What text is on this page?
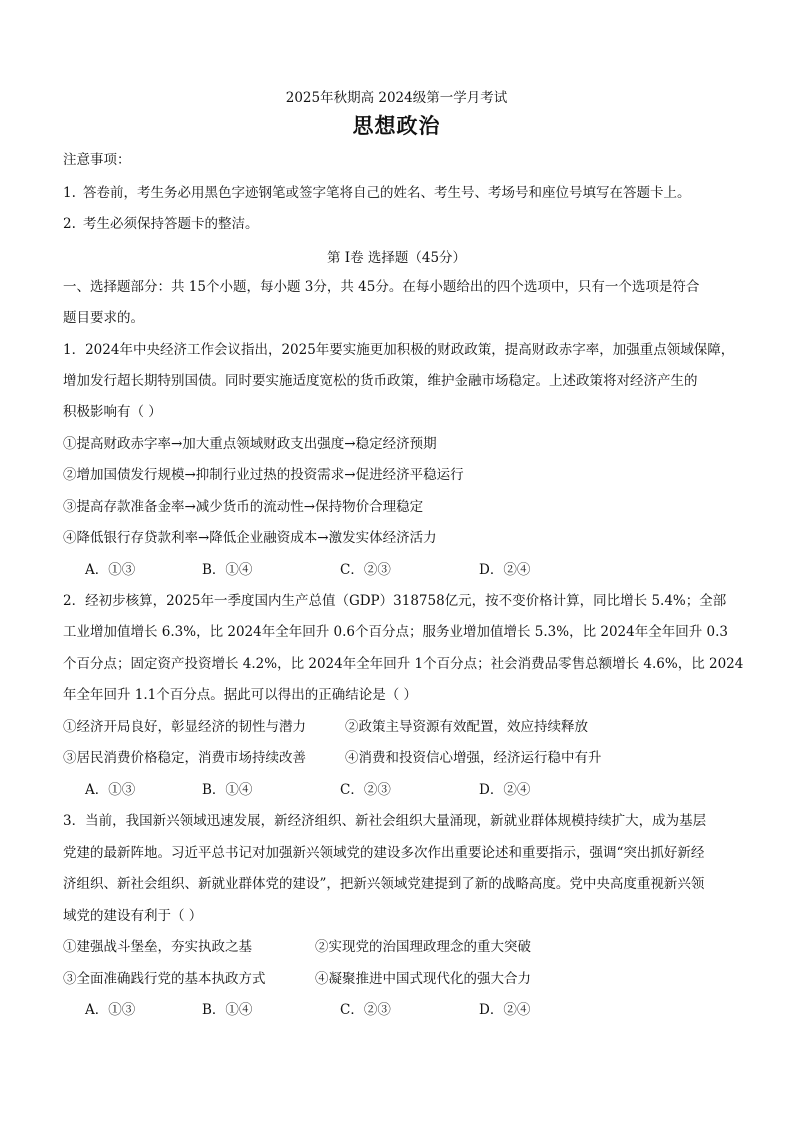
2025年秋期高 2024级第一学月考试
思想政治
注意事项：
1. 答卷前，考生务必用黑色字迹钢笔或签字笔将自己的姓名、考生号、考场号和座位号填写在答题卡上。
2. 考生必须保持答题卡的整洁。
第 I卷 选择题（45分）
一、选择题部分：共 15个小题，每小题 3分，共 45分。在每小题给出的四个选项中，只有一个选项是符合
题目要求的。
1．2024年中央经济工作会议指出，2025年要实施更加积极的财政政策，提高财政赤字率，加强重点领域保障，
增加发行超长期特别国债。同时要实施适度宽松的货币政策，维护金融市场稳定。上述政策将对经济产生的
积极影响有（ ）
①提高财政赤字率→加大重点领域财政支出强度→稳定经济预期
②增加国债发行规模→抑制行业过热的投资需求→促进经济平稳运行
③提高存款准备金率→减少货币的流动性→保持物价合理稳定
④降低银行存贷款利率→降低企业融资成本→激发实体经济活力
A．①③	B．①④	C．②③	D．②④
2．经初步核算，2025年一季度国内生产总值（GDP）318758亿元，按不变价格计算，同比增长 5.4%；全部
工业增加值增长 6.3%，比 2024年全年回升 0.6个百分点；服务业增加值增长 5.3%，比 2024年全年回升 0.3
个百分点；固定资产投资增长 4.2%，比 2024年全年回升 1个百分点；社会消费品零售总额增长 4.6%，比 2024
年全年回升 1.1个百分点。据此可以得出的正确结论是（ ）
①经济开局良好，彰显经济的韧性与潜力	②政策主导资源有效配置，效应持续释放
③居民消费价格稳定，消费市场持续改善	④消费和投资信心增强，经济运行稳中有升
A．①③	B．①④	C．②③	D．②④
3．当前，我国新兴领域迅速发展，新经济组织、新社会组织大量涌现，新就业群体规模持续扩大，成为基层
党建的最新阵地。习近平总书记对加强新兴领域党的建设多次作出重要论述和重要指示，强调“突出抓好新经
济组织、新社会组织、新就业群体党的建设”，把新兴领域党建提到了新的战略高度。党中央高度重视新兴领
域党的建设有利于（ ）
①建强战斗堡垒，夯实执政之基	②实现党的治国理政理念的重大突破
③全面准确践行党的基本执政方式	④凝聚推进中国式现代化的强大合力
A．①③	B．①④	C．②③	D．②④
